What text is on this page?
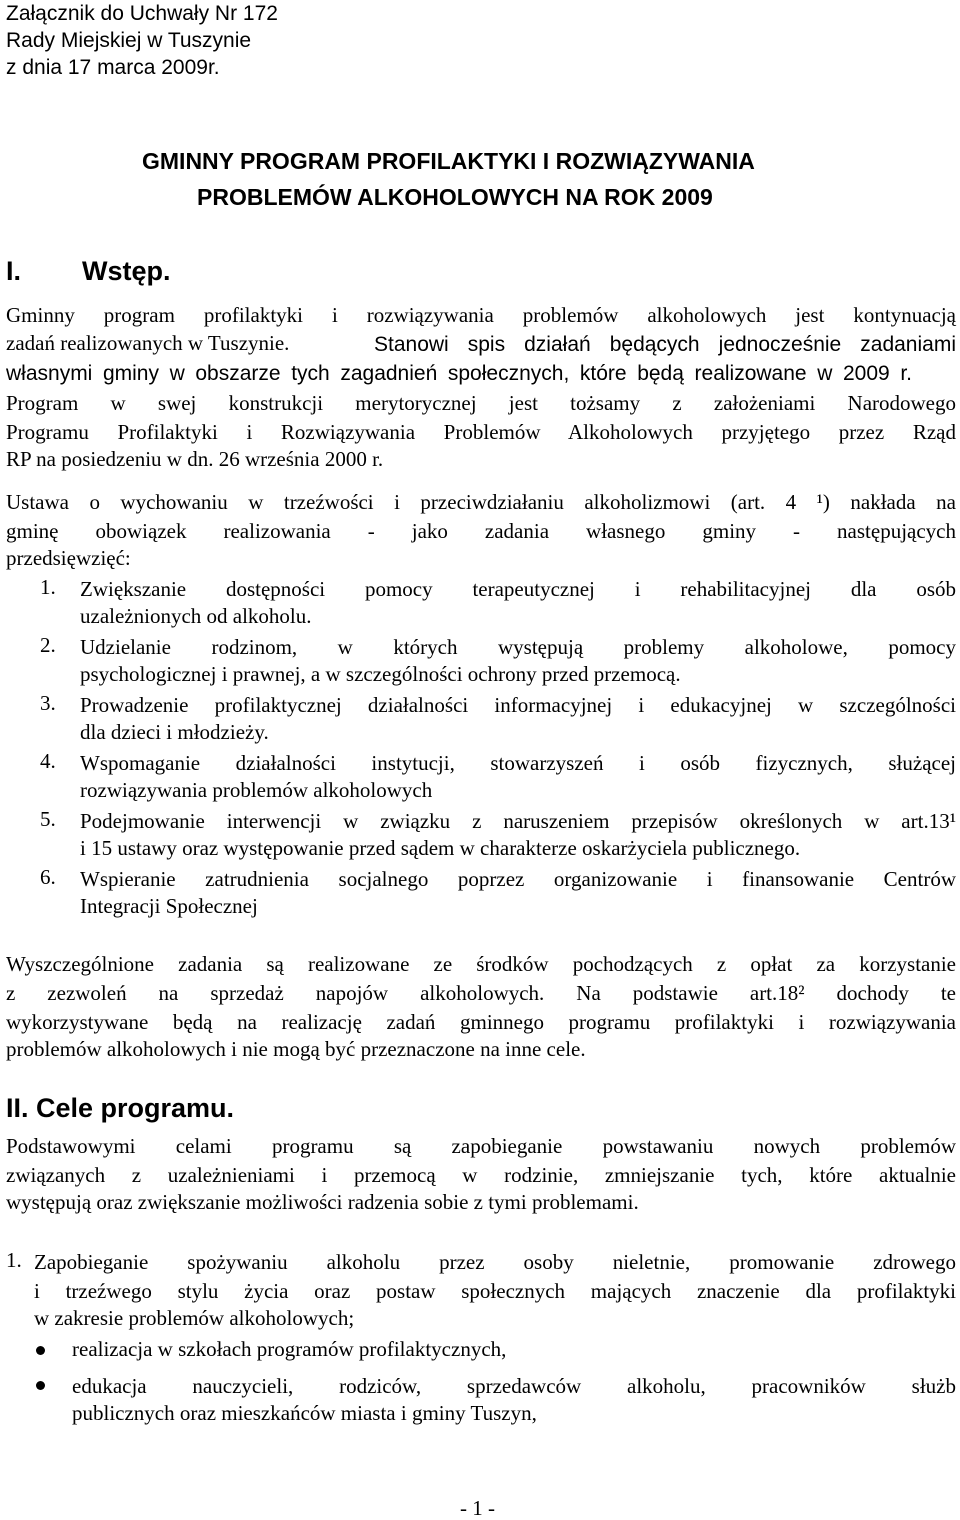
Załącznik do Uchwały Nr 172
Rady Miejskiej w Tuszynie
z dnia 17 marca 2009r.
GMINNY PROGRAM PROFILAKTYKI I ROZWIĄZYWANIA
PROBLEMÓW ALKOHOLOWYCH NA ROK 2009
I. Wstęp.
Gminny program profilaktyki i rozwiązywania problemów alkoholowych jest kontynuacją
zadań realizowanych w Tuszynie.	Stanowi spis działań będących jednocześnie zadaniami
własnymi gminy w obszarze tych zagadnień społecznych, które będą realizowane w 2009 r.
Program w swej konstrukcji merytorycznej jest tożsamy z założeniami Narodowego
Programu Profilaktyki i Rozwiązywania Problemów Alkoholowych przyjętego przez Rząd
RP na posiedzeniu w dn. 26 września 2000 r.
Ustawa o wychowaniu w trzeźwości i przeciwdziałaniu alkoholizmowi (art. 4 ¹) nakłada na
gminę obowiązek realizowania - jako zadania własnego gminy - następujących
przedsięwzięć:
1. Zwiększanie dostępności pomocy terapeutycznej i rehabilitacyjnej dla osób
uzależnionych od alkoholu.
2. Udzielanie rodzinom, w których występują problemy alkoholowe, pomocy
psychologicznej i prawnej, a w szczególności ochrony przed przemocą.
3. Prowadzenie profilaktycznej działalności informacyjnej i edukacyjnej w szczególności
dla dzieci i młodzieży.
4. Wspomaganie działalności instytucji, stowarzyszeń i osób fizycznych, służącej
rozwiązywania problemów alkoholowych
5. Podejmowanie interwencji w związku z naruszeniem przepisów określonych w art.13¹
i 15 ustawy oraz występowanie przed sądem w charakterze oskarżyciela publicznego.
6. Wspieranie zatrudnienia socjalnego poprzez organizowanie i finansowanie Centrów
Integracji Społecznej
Wyszczególnione zadania są realizowane ze środków pochodzących z opłat za korzystanie
z zezwoleń na sprzedaż napojów alkoholowych. Na podstawie art.18² dochody te
wykorzystywane będą na realizację zadań gminnego programu profilaktyki i rozwiązywania
problemów alkoholowych i nie mogą być przeznaczone na inne cele.
II. Cele programu.
Podstawowymi celami programu są zapobieganie powstawaniu nowych problemów
związanych z uzależnieniami i przemocą w rodzinie, zmniejszanie tych, które aktualnie
występują oraz zwiększanie możliwości radzenia sobie z tymi problemami.
1. Zapobieganie spożywaniu alkoholu przez osoby nieletnie, promowanie zdrowego
i trzeźwego stylu życia oraz postaw społecznych mających znaczenie dla profilaktyki
w zakresie problemów alkoholowych;
realizacja w szkołach programów profilaktycznych,
edukacja nauczycieli, rodziców, sprzedawców alkoholu, pracowników służb
publicznych oraz mieszkańców miasta i gminy Tuszyn,
- 1 -
